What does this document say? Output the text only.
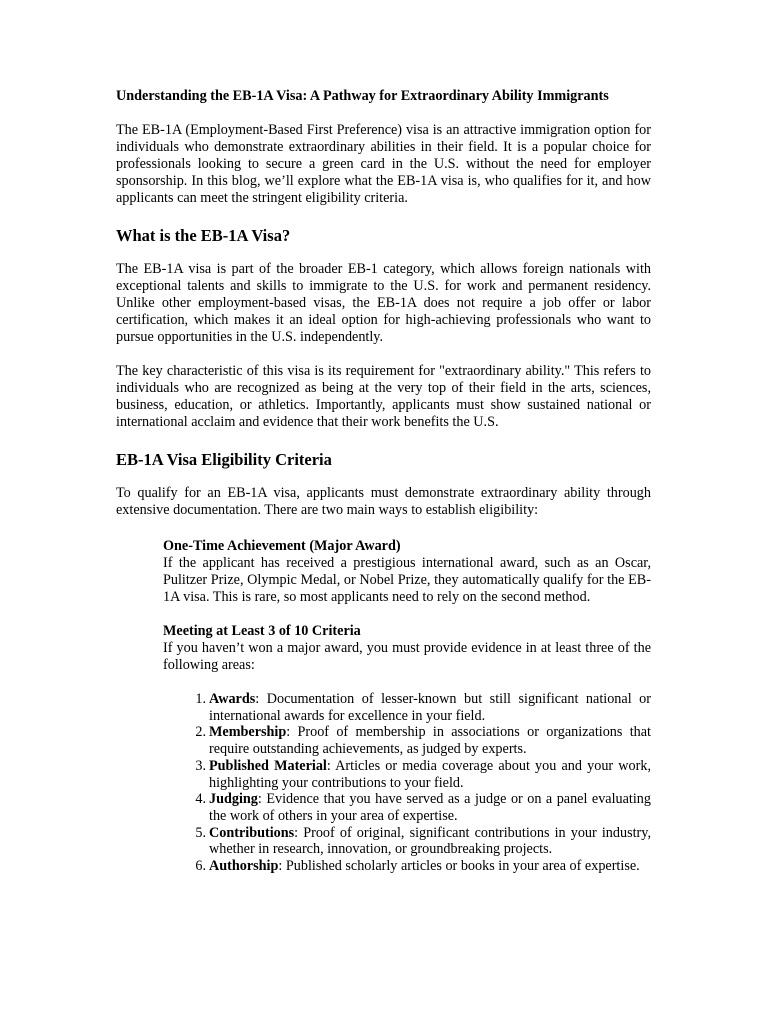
Understanding the EB-1A Visa: A Pathway for Extraordinary Ability Immigrants

The EB-1A (Employment-Based First Preference) visa is an attractive immigration option for individuals who demonstrate extraordinary abilities in their field. It is a popular choice for professionals looking to secure a green card in the U.S. without the need for employer sponsorship. In this blog, we’ll explore what the EB-1A visa is, who qualifies for it, and how applicants can meet the stringent eligibility criteria.

What is the EB-1A Visa?

The EB-1A visa is part of the broader EB-1 category, which allows foreign nationals with exceptional talents and skills to immigrate to the U.S. for work and permanent residency. Unlike other employment-based visas, the EB-1A does not require a job offer or labor certification, which makes it an ideal option for high-achieving professionals who want to pursue opportunities in the U.S. independently.

The key characteristic of this visa is its requirement for "extraordinary ability." This refers to individuals who are recognized as being at the very top of their field in the arts, sciences, business, education, or athletics. Importantly, applicants must show sustained national or international acclaim and evidence that their work benefits the U.S.

EB-1A Visa Eligibility Criteria

To qualify for an EB-1A visa, applicants must demonstrate extraordinary ability through extensive documentation. There are two main ways to establish eligibility:

One-Time Achievement (Major Award)

If the applicant has received a prestigious international award, such as an Oscar, Pulitzer Prize, Olympic Medal, or Nobel Prize, they automatically qualify for the EB-1A visa. This is rare, so most applicants need to rely on the second method.

Meeting at Least 3 of 10 Criteria

If you haven’t won a major award, you must provide evidence in at least three of the following areas:

1. Awards: Documentation of lesser-known but still significant national or international awards for excellence in your field.
2. Membership: Proof of membership in associations or organizations that require outstanding achievements, as judged by experts.
3. Published Material: Articles or media coverage about you and your work, highlighting your contributions to your field.
4. Judging: Evidence that you have served as a judge or on a panel evaluating the work of others in your area of expertise.
5. Contributions: Proof of original, significant contributions in your industry, whether in research, innovation, or groundbreaking projects.
6. Authorship: Published scholarly articles or books in your area of expertise.
